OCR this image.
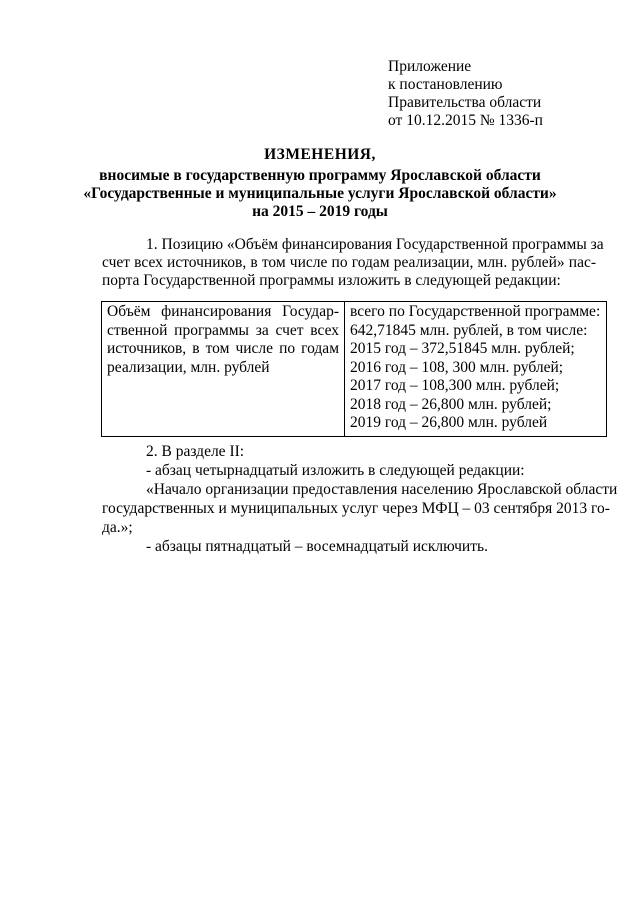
Приложение
к постановлению
Правительства области
от 10.12.2015 № 1336-п
ИЗМЕНЕНИЯ,
вносимые в государственную программу Ярославской области
«Государственные и муниципальные услуги Ярославской области»
на 2015 – 2019 годы
1. Позицию «Объём финансирования Государственной программы за
счет всех источников, в том числе по годам реализации, млн. рублей» пас-
порта Государственной программы изложить в следующей редакции:
Объём финансирования Государ-
ственной программы за счет всех
источников, в том числе по годам
реализации, млн. рублей

всего по Государственной программе:
642,71845 млн. рублей, в том числе:
2015 год – 372,51845 млн. рублей;
2016 год – 108, 300 млн. рублей;
2017 год – 108,300 млн. рублей;
2018 год – 26,800 млн. рублей;
2019 год – 26,800 млн. рублей
2. В разделе II:
- абзац четырнадцатый изложить в следующей редакции:
«Начало организации предоставления населению Ярославской области
государственных и муниципальных услуг через МФЦ – 03 сентября 2013 го-
да.»;
- абзацы пятнадцатый – восемнадцатый исключить.
